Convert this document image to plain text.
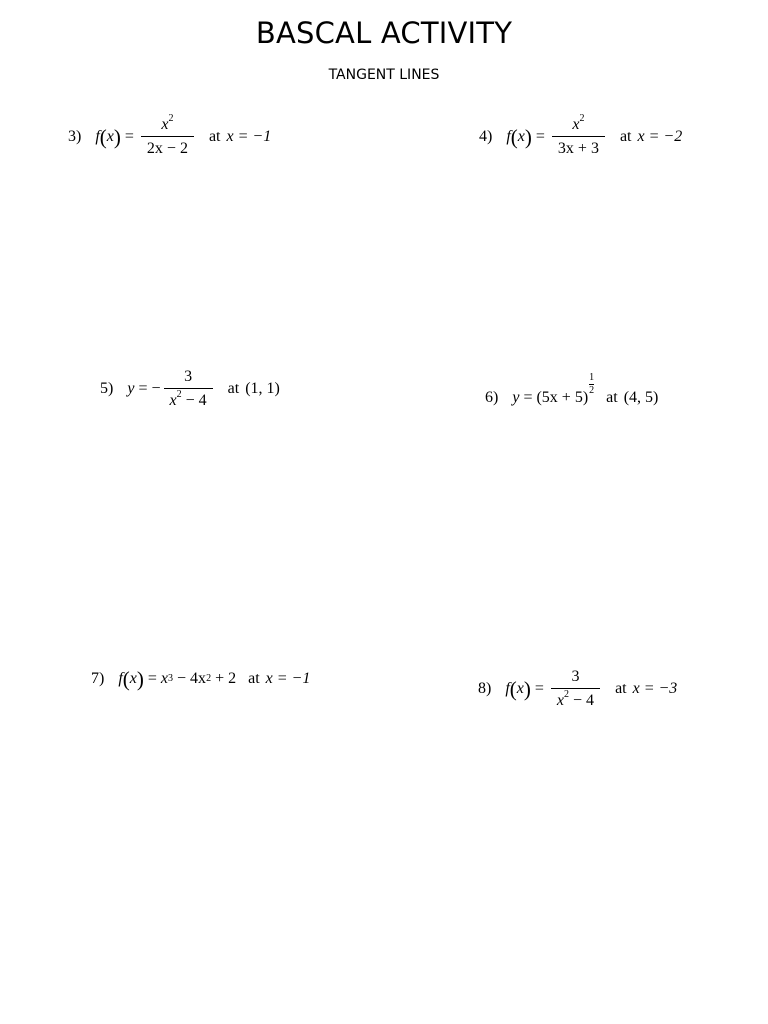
BASCAL ACTIVITY
TANGENT LINES
3) f ( x ) = $\frac{x^2}{2x - 2}$ at x = −1	4) f ( x ) = $\frac{x^2}{3x + 3}$ at x = −2
5) y = − $\frac{3}{x^2 - 4}$ at (1, 1)
6) y = (5x + 5)
$\frac{1}{2}$
at (4, 5)
7) f ( x ) = x 3
− 4x 2
+ 2 at x = −1
8) f ( x ) = $\frac{3}{x^2 - 4}$ at x = −3
